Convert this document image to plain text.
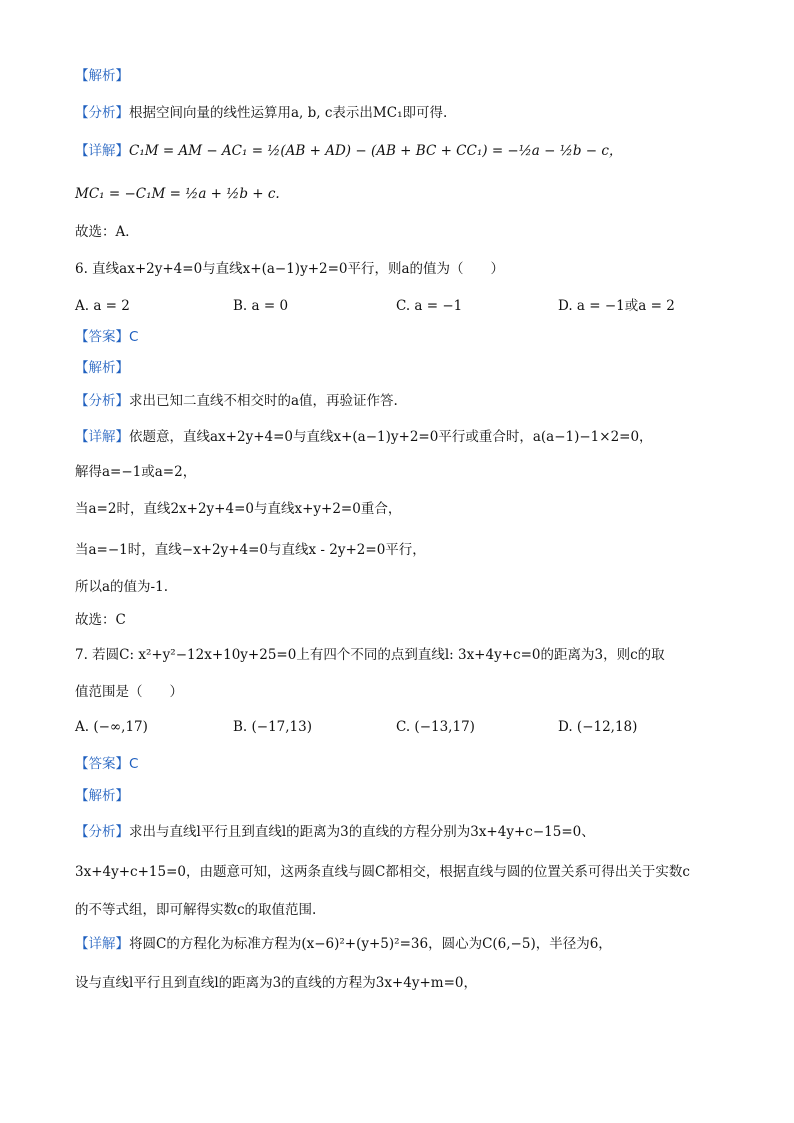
【解析】
【分析】根据空间向量的线性运算用a, b, c表示出MC₁即可得.
【详解】C₁M = AM − AC₁ = ½(AB + AD) − (AB + BC + CC₁) = −½a − ½b − c，
MC₁ = −C₁M = ½a + ½b + c.
故选：A．
6. 直线ax+2y+4=0与直线x+(a−1)y+2=0平行，则a的值为（　　）
A. a = 2	B. a = 0	C. a = −1	D. a = −1或a = 2
【答案】C
【解析】
【分析】求出已知二直线不相交时的a值，再验证作答.
【详解】依题意，直线ax+2y+4=0与直线x+(a−1)y+2=0平行或重合时，a(a−1)−1×2=0，
解得a=−1或a=2，
当a=2时，直线2x+2y+4=0与直线x+y+2=0重合，
当a=−1时，直线−x+2y+4=0与直线x - 2y+2=0平行，
所以a的值为-1.
故选：C
7. 若圆C: x²+y²−12x+10y+25=0上有四个不同的点到直线l: 3x+4y+c=0的距离为3，则c的取
值范围是（　　）
A. (−∞,17)	B. (−17,13)	C. (−13,17)	D. (−12,18)
【答案】C
【解析】
【分析】求出与直线l平行且到直线l的距离为3的直线的方程分别为3x+4y+c−15=0、
3x+4y+c+15=0，由题意可知，这两条直线与圆C都相交，根据直线与圆的位置关系可得出关于实数c
的不等式组，即可解得实数c的取值范围.
【详解】将圆C的方程化为标准方程为(x−6)²+(y+5)²=36，圆心为C(6,−5)，半径为6，
设与直线l平行且到直线l的距离为3的直线的方程为3x+4y+m=0，
